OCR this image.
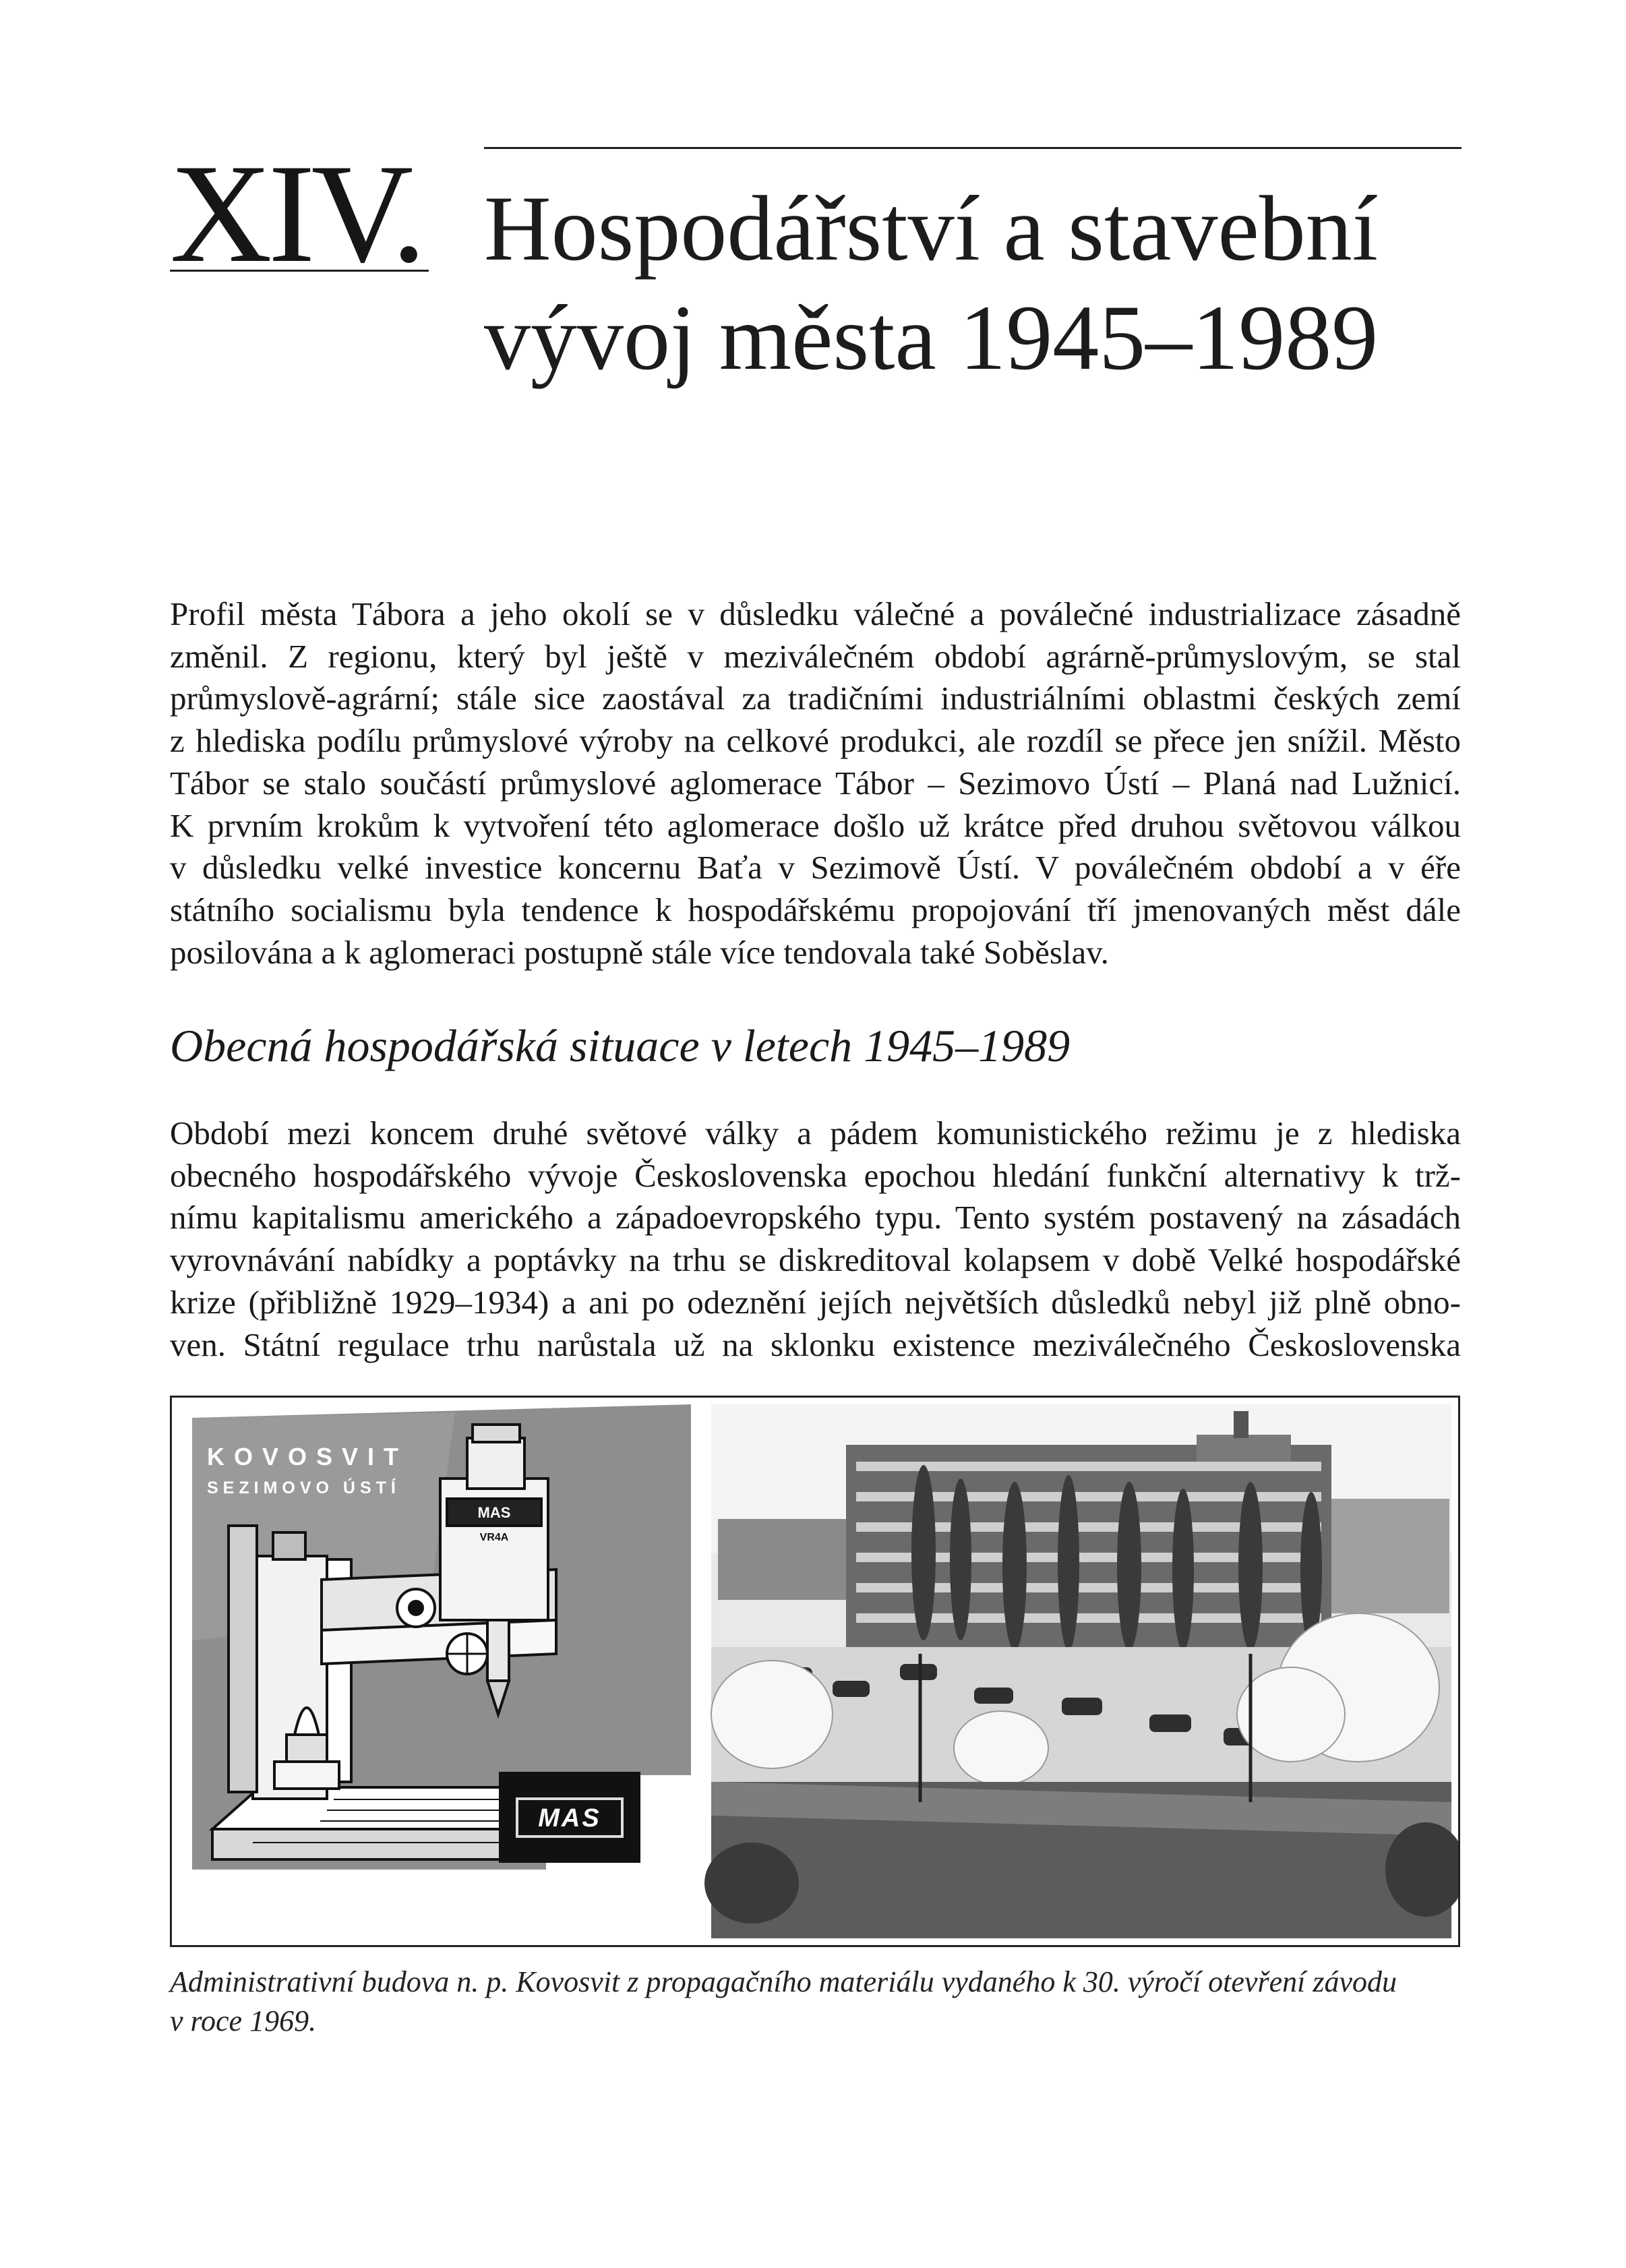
XIV. Hospodářství a stavební
vývoj města 1945–1989
Profil města Tábora a jeho okolí se v důsledku válečné a poválečné industrializace zásadně
změnil. Z regionu, který byl ještě v meziválečném období agrárně-průmyslovým, se stal
průmyslově-agrární; stále sice zaostával za tradičními industriálními oblastmi českých zemí
z hlediska podílu průmyslové výroby na celkové produkci, ale rozdíl se přece jen snížil. Město
Tábor se stalo součástí průmyslové aglomerace Tábor – Sezimovo Ústí – Planá nad Lužnicí.
K prvním krokům k vytvoření této aglomerace došlo už krátce před druhou světovou válkou
v důsledku velké investice koncernu Baťa v Sezimově Ústí. V poválečném období a v éře
státního socialismu byla tendence k hospodářskému propojování tří jmenovaných měst dále
posilována a k aglomeraci postupně stále více tendovala také Soběslav.
Obecná hospodářská situace v letech 1945–1989
Období mezi koncem druhé světové války a pádem komunistického režimu je z hlediska
obecného hospodářského vývoje Československa epochou hledání funkční alternativy k trž-
nímu kapitalismu amerického a západoevropského typu. Tento systém postavený na zásadách
vyrovnávání nabídky a poptávky na trhu se diskreditoval kolapsem v době Velké hospodářské
krize (přibližně 1929–1934) a ani po odeznění jejích největších důsledků nebyl již plně obno-
ven. Státní regulace trhu narůstala už na sklonku existence meziválečného Československa
KOVOSVIT
SEZIMOVO ÚSTÍ
MAS
VR4A
MAS
Administrativní budova n. p. Kovosvit z propagačního materiálu vydaného k 30. výročí otevření závodu
v roce 1969.
